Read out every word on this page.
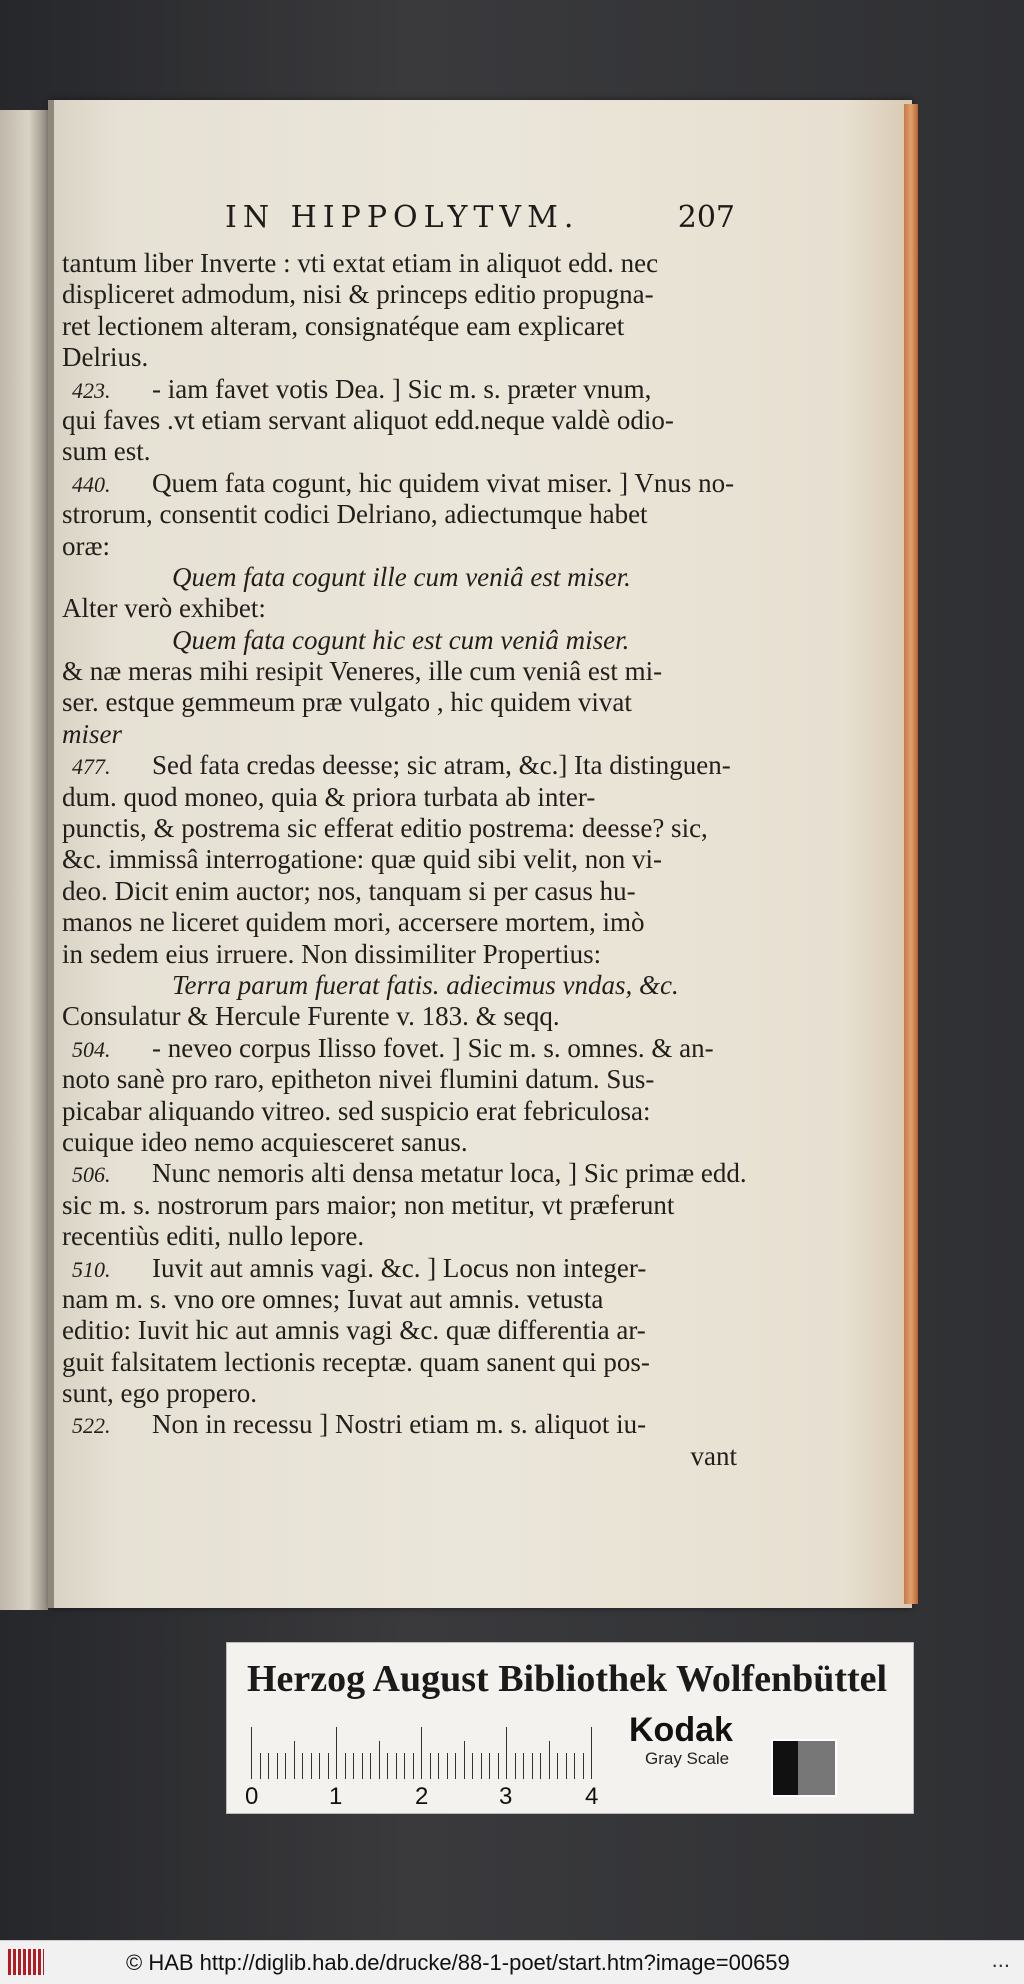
IN HIPPOLYTVM.	207
tantum liber Inverte : vti extat etiam in aliquot edd. nec
displiceret admodum, nisi & princeps editio propugna-
ret lectionem alteram, consignatéque eam explicaret
Delrius.
423. - iam favet votis Dea. ] Sic m. s. præter vnum,
qui faves .vt etiam servant aliquot edd.neque valdè odio-
sum est.
440. Quem fata cogunt, hic quidem vivat miser. ] Vnus no-
strorum, consentit codici Delriano, adiectumque habet
oræ:
Quem fata cogunt ille cum veniâ est miser.
Alter verò exhibet:
Quem fata cogunt hic est cum veniâ miser.
& næ meras mihi resipit Veneres, ille cum veniâ est mi-
ser. estque gemmeum præ vulgato , hic quidem vivat
miser
477. Sed fata credas deesse; sic atram, &c.] Ita distinguen-
dum. quod moneo, quia & priora turbata ab inter-
punctis, & postrema sic efferat editio postrema: deesse? sic,
&c. immissâ interrogatione: quæ quid sibi velit, non vi-
deo. Dicit enim auctor; nos, tanquam si per casus hu-
manos ne liceret quidem mori, accersere mortem, imò
in sedem eius irruere. Non dissimiliter Propertius:
Terra parum fuerat fatis. adiecimus vndas, &c.
Consulatur & Hercule Furente v. 183. & seqq.
504. - neveo corpus Ilisso fovet. ] Sic m. s. omnes. & an-
noto sanè pro raro, epitheton nivei flumini datum. Sus-
picabar aliquando vitreo. sed suspicio erat febriculosa:
cuique ideo nemo acquiesceret sanus.
506. Nunc nemoris alti densa metatur loca, ] Sic primæ edd.
sic m. s. nostrorum pars maior; non metitur, vt præferunt
recentiùs editi, nullo lepore.
510. Iuvit aut amnis vagi. &c. ] Locus non integer-
nam m. s. vno ore omnes; Iuvat aut amnis. vetusta
editio: Iuvit hic aut amnis vagi &c. quæ differentia ar-
guit falsitatem lectionis receptæ. quam sanent qui pos-
sunt, ego propero.
522. Non in recessu ] Nostri etiam m. s. aliquot iu-
vant
Herzog August Bibliothek Wolfenbüttel
0	1	2	3	4
Kodak
Gray Scale
© HAB http://diglib.hab.de/drucke/88-1-poet/start.htm?image=00659	...
